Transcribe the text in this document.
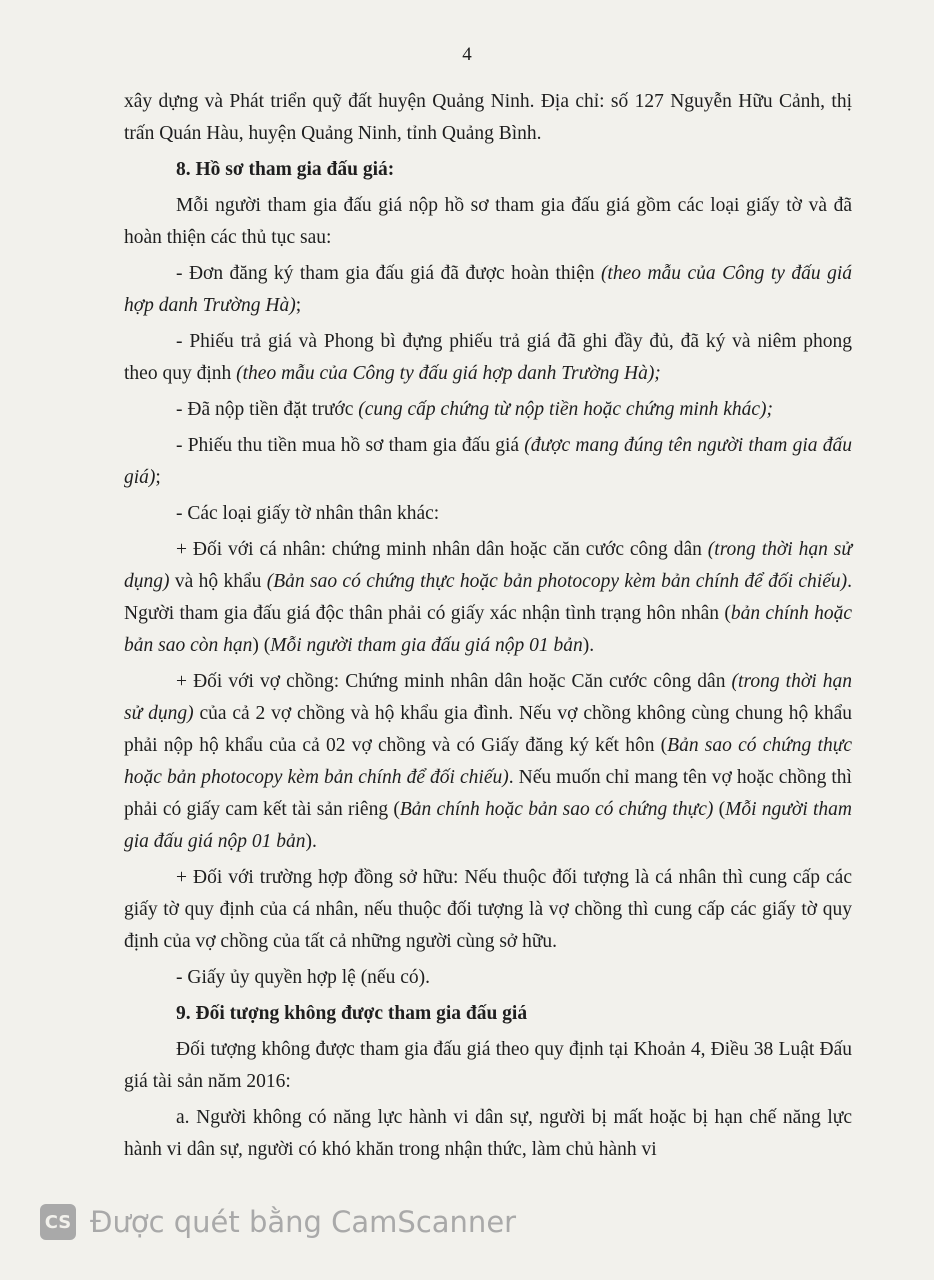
4

xây dựng và Phát triển quỹ đất huyện Quảng Ninh. Địa chỉ: số 127 Nguyễn Hữu Cảnh, thị trấn Quán Hàu, huyện Quảng Ninh, tỉnh Quảng Bình.

8. Hồ sơ tham gia đấu giá:

Mỗi người tham gia đấu giá nộp hồ sơ tham gia đấu giá gồm các loại giấy tờ và đã hoàn thiện các thủ tục sau:

- Đơn đăng ký tham gia đấu giá đã được hoàn thiện (theo mẫu của Công ty đấu giá hợp danh Trường Hà);

- Phiếu trả giá và Phong bì đựng phiếu trả giá đã ghi đầy đủ, đã ký và niêm phong theo quy định (theo mẫu của Công ty đấu giá hợp danh Trường Hà);

- Đã nộp tiền đặt trước (cung cấp chứng từ nộp tiền hoặc chứng minh khác);

- Phiếu thu tiền mua hồ sơ tham gia đấu giá (được mang đúng tên người tham gia đấu giá);

- Các loại giấy tờ nhân thân khác:

+ Đối với cá nhân: chứng minh nhân dân hoặc căn cước công dân (trong thời hạn sử dụng) và hộ khẩu (Bản sao có chứng thực hoặc bản photocopy kèm bản chính để đối chiếu). Người tham gia đấu giá độc thân phải có giấy xác nhận tình trạng hôn nhân (bản chính hoặc bản sao còn hạn) (Mỗi người tham gia đấu giá nộp 01 bản).

+ Đối với vợ chồng: Chứng minh nhân dân hoặc Căn cước công dân (trong thời hạn sử dụng) của cả 2 vợ chồng và hộ khẩu gia đình. Nếu vợ chồng không cùng chung hộ khẩu phải nộp hộ khẩu của cả 02 vợ chồng và có Giấy đăng ký kết hôn (Bản sao có chứng thực hoặc bản photocopy kèm bản chính để đối chiếu). Nếu muốn chỉ mang tên vợ hoặc chồng thì phải có giấy cam kết tài sản riêng (Bản chính hoặc bản sao có chứng thực) (Mỗi người tham gia đấu giá nộp 01 bản).

+ Đối với trường hợp đồng sở hữu: Nếu thuộc đối tượng là cá nhân thì cung cấp các giấy tờ quy định của cá nhân, nếu thuộc đối tượng là vợ chồng thì cung cấp các giấy tờ quy định của vợ chồng của tất cả những người cùng sở hữu.

- Giấy ủy quyền hợp lệ (nếu có).

9. Đối tượng không được tham gia đấu giá

Đối tượng không được tham gia đấu giá theo quy định tại Khoản 4, Điều 38 Luật Đấu giá tài sản năm 2016:

a. Người không có năng lực hành vi dân sự, người bị mất hoặc bị hạn chế năng lực hành vi dân sự, người có khó khăn trong nhận thức, làm chủ hành vi

CS Được quét bằng CamScanner
